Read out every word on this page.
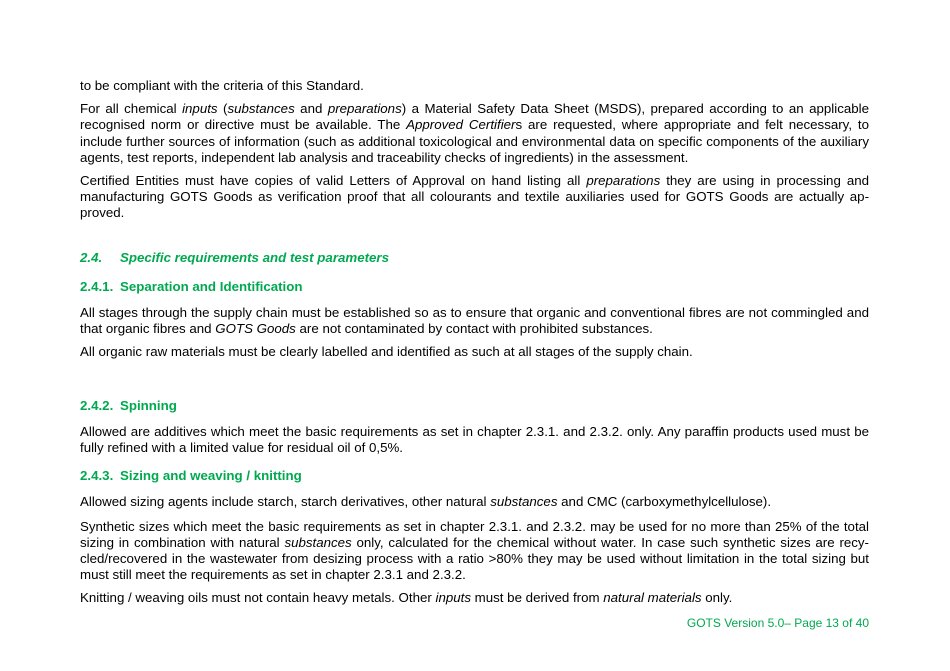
to be compliant with the criteria of this Standard.

For all chemical inputs (substances and preparations) a Material Safety Data Sheet (MSDS), prepared according to an applicable recognised norm or directive must be available. The Approved Certifiers are requested, where appropriate and felt necessary, to include further sources of information (such as additional toxicological and environmental data on specific components of the auxiliary agents, test reports, independent lab analysis and traceability checks of ingredients) in the assessment.

Certified Entities must have copies of valid Letters of Approval on hand listing all preparations they are using in processing and manufacturing GOTS Goods as verification proof that all colourants and textile auxiliaries used for GOTS Goods are actually ap-proved.

2.4. Specific requirements and test parameters
2.4.1. Separation and Identification

All stages through the supply chain must be established so as to ensure that organic and conventional fibres are not commingled and that organic fibres and GOTS Goods are not contaminated by contact with prohibited substances.

All organic raw materials must be clearly labelled and identified as such at all stages of the supply chain.

2.4.2. Spinning

Allowed are additives which meet the basic requirements as set in chapter 2.3.1. and 2.3.2. only. Any paraffin products used must be fully refined with a limited value for residual oil of 0,5%.

2.4.3. Sizing and weaving / knitting

Allowed sizing agents include starch, starch derivatives, other natural substances and CMC (carboxymethylcellulose).

Synthetic sizes which meet the basic requirements as set in chapter 2.3.1. and 2.3.2. may be used for no more than 25% of the total sizing in combination with natural substances only, calculated for the chemical without water. In case such synthetic sizes are recy-cled/recovered in the wastewater from desizing process with a ratio >80% they may be used without limitation in the total sizing but must still meet the requirements as set in chapter 2.3.1 and 2.3.2.

Knitting / weaving oils must not contain heavy metals. Other inputs must be derived from natural materials only.

GOTS Version 5.0– Page 13 of 40
